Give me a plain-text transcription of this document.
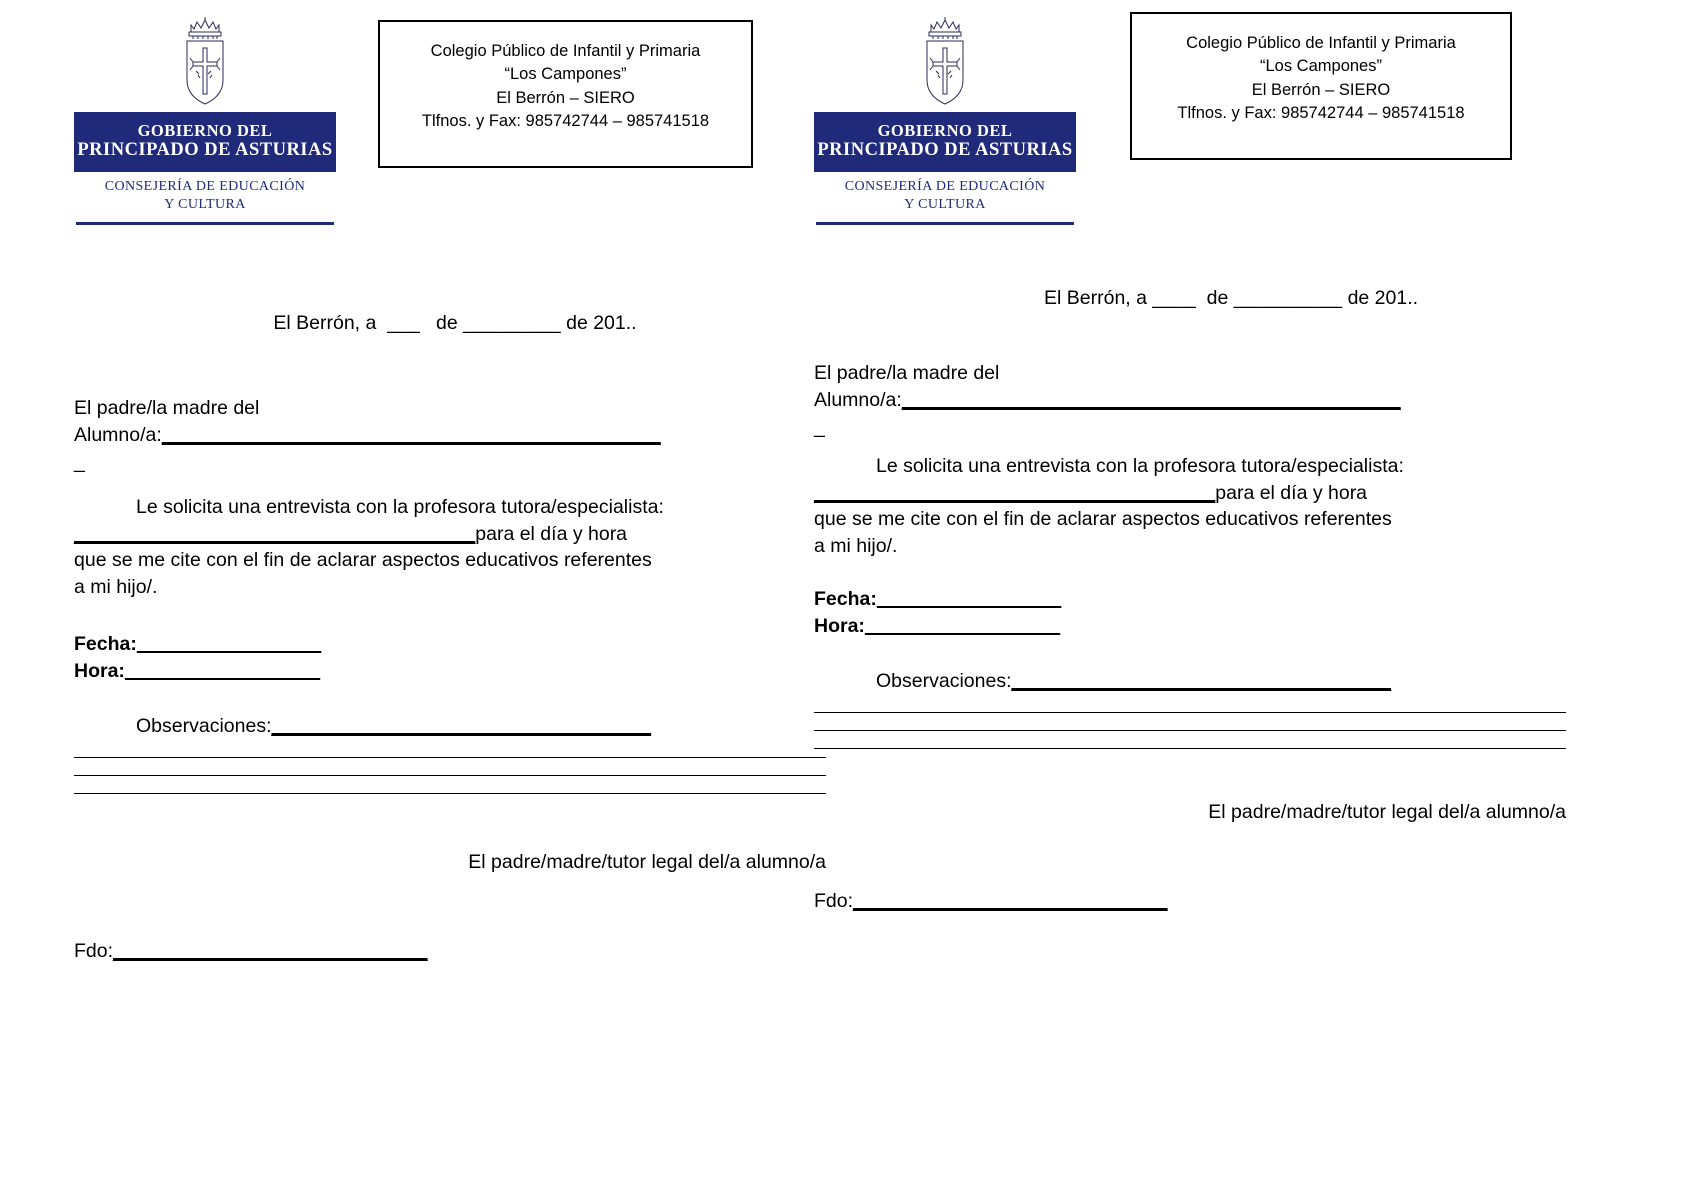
GOBIERNO DEL
PRINCIPADO DE ASTURIAS
CONSEJERÍA DE EDUCACIÓN
Y CULTURA
Colegio Público de Infantil y Primaria
“Los Campones”
El Berrón – SIERO
Tlfnos. y Fax: 985742744 – 985741518

El Berrón, a  ___   de _________ de 201..

El padre/la madre del

Alumno/a:______________________________________________

_

Le solicita una entrevista con la profesora tutora/especialista:
_____________________________________para el día y hora
que se me cite con el fin de aclarar aspectos educativos referentes
a mi hijo/.

Fecha:_________________

Hora:__________________

Observaciones:___________________________________

El padre/madre/tutor legal del/a alumno/a

Fdo:_____________________________

GOBIERNO DEL
PRINCIPADO DE ASTURIAS
CONSEJERÍA DE EDUCACIÓN
Y CULTURA
Colegio Público de Infantil y Primaria
“Los Campones”
El Berrón – SIERO
Tlfnos. y Fax: 985742744 – 985741518

El Berrón, a ____  de __________ de 201..

El padre/la madre del

Alumno/a:______________________________________________

_

Le solicita una entrevista con la profesora tutora/especialista:
_____________________________________para el día y hora
que se me cite con el fin de aclarar aspectos educativos referentes
a mi hijo/.

Fecha:_________________

Hora:__________________

Observaciones:___________________________________

El padre/madre/tutor legal del/a alumno/a

Fdo:_____________________________
